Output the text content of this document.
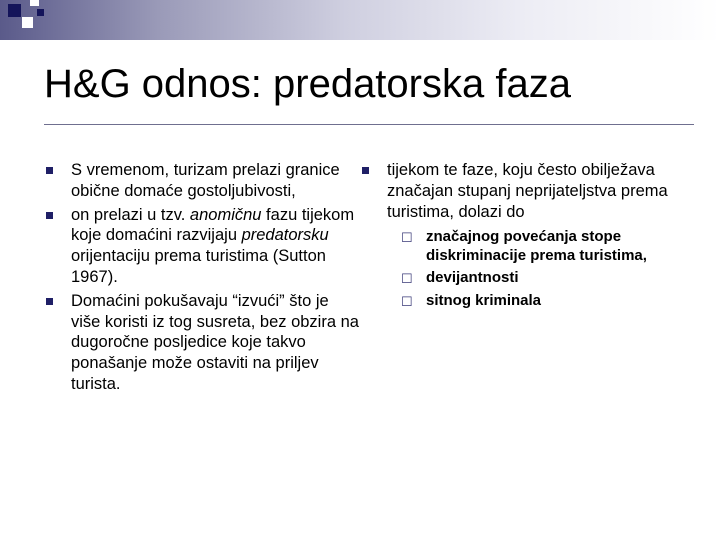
H&G odnos: predatorska faza
S vremenom, turizam prelazi granice obične domaće gostoljubivosti,
on prelazi u tzv. anomičnu fazu tijekom koje domaćini razvijaju predatorsku orijentaciju prema turistima (Sutton 1967).
Domaćini pokušavaju “izvući” što je više koristi iz tog susreta, bez obzira na dugoročne posljedice koje takvo ponašanje može ostaviti na priljev turista.
tijekom te faze, koju često obilježava značajan stupanj neprijateljstva prema turistima, dolazi do
☐ značajnog povećanja stope diskriminacije prema turistima,
☐ devijantnosti
☐ sitnog kriminala
